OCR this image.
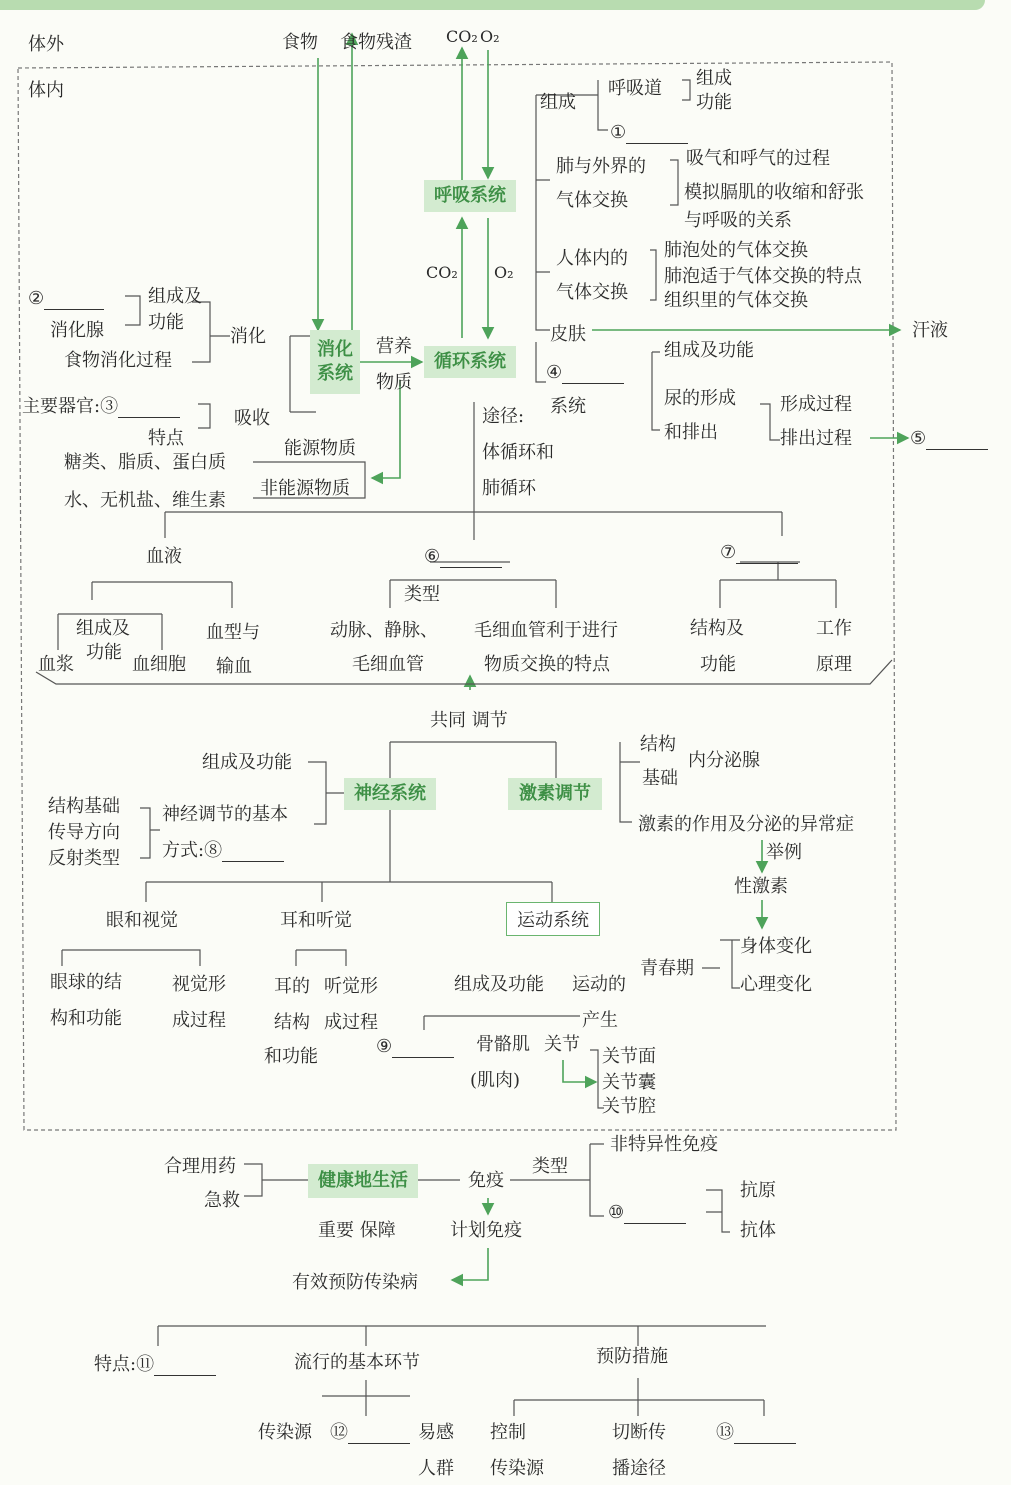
体外
体内
食物 食物残渣 CO₂ O₂
呼吸系统
CO₂ O₂
组成
呼吸道 组成
功能
①
肺与外界的
气体交换
吸气和呼气的过程
模拟膈肌的收缩和舒张
与呼吸的关系
人体内的
气体交换
肺泡处的气体交换
肺泡适于气体交换的特点
组织里的气体交换
消化
系统
②
消化腺
组成及
功能
食物消化过程
消化
主要器官:③
吸收
特点
营养
物质
能源物质
非能源物质
糖类、脂质、蛋白质
水、无机盐、维生素
循环系统
皮肤	汗液
④
系统
组成及功能
尿的形成
和排出
形成过程
排出过程	⑤
途径:
体循环和
肺循环
血液
组成及
功能
血浆	血细胞
血型与
输血
⑥
类型
动脉、静脉、
毛细血管
毛细血管利于进行
物质交换的特点
⑦
结构及
功能
工作
原理
共同 调节
神经系统	激素调节
组成及功能
神经调节的基本
方式:⑧
结构基础
传导方向
反射类型
结构
基础
内分泌腺
激素的作用及分泌的异常症
举例
性激素
青春期
身体变化
心理变化
眼和视觉
眼球的结
构和功能
视觉形
成过程
耳和听觉
耳的
结构
和功能
听觉形
成过程
运动系统
组成及功能 运动的
产生
⑨	骨骼肌
(肌肉)
关节
关节面
关节囊
关节腔
健康地生活
合理用药
急救
免疫
类型
非特异性免疫
⑩
抗原
抗体
重要 保障	计划免疫
有效预防传染病
特点:⑪	流行的基本环节	预防措施
传染源 ⑫	易感
人群
控制
传染源
切断传
播途径
⑬
